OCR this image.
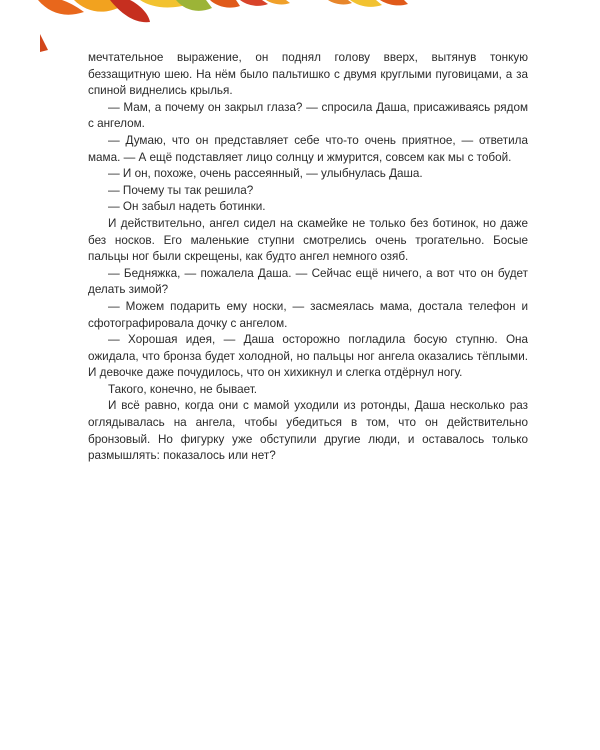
мечтательное выражение, он поднял голову вверх, вытянув тонкую беззащитную шею. На нём было пальтишко с двумя круглыми пуговицами, а за спиной виднелись крылья.

— Мам, а почему он закрыл глаза? — спросила Даша, присаживаясь рядом с ангелом.

— Думаю, что он представляет себе что-то очень приятное, — ответила мама. — А ещё подставляет лицо солнцу и жмурится, совсем как мы с тобой.

— И он, похоже, очень рассеянный, — улыбнулась Даша.

— Почему ты так решила?

— Он забыл надеть ботинки.

И действительно, ангел сидел на скамейке не только без ботинок, но даже без носков. Его маленькие ступни смотрелись очень трогательно. Босые пальцы ног были скрещены, как будто ангел немного озяб.

— Бедняжка, — пожалела Даша. — Сейчас ещё ничего, а вот что он будет делать зимой?

— Можем подарить ему носки, — засмеялась мама, достала телефон и сфотографировала дочку с ангелом.

— Хорошая идея, — Даша осторожно погладила босую ступню. Она ожидала, что бронза будет холодной, но пальцы ног ангела оказались тёплыми. И девочке даже почудилось, что он хихикнул и слегка отдёрнул ногу.

Такого, конечно, не бывает.

И всё равно, когда они с мамой уходили из ротонды, Даша несколько раз оглядывалась на ангела, чтобы убедиться в том, что он действительно бронзовый. Но фигурку уже обступили другие люди, и оставалось только размышлять: показалось или нет?
